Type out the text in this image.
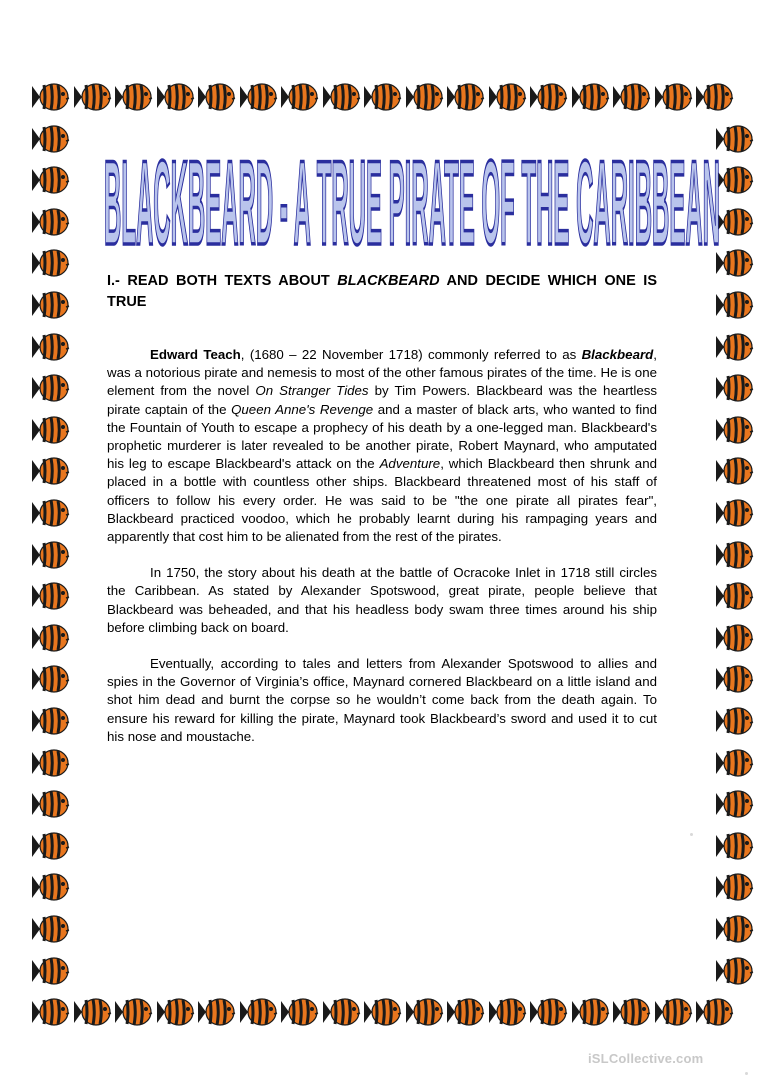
BLACKBEARD - A TRUE PIRATE OF THE CARIBBEAN
I.- READ BOTH TEXTS ABOUT BLACKBEARD AND DECIDE WHICH ONE IS TRUE

Edward Teach, (1680 – 22 November 1718) commonly referred to as Blackbeard, was a notorious pirate and nemesis to most of the other famous pirates of the time. He is one element from the novel On Stranger Tides by Tim Powers. Blackbeard was the heartless pirate captain of the Queen Anne's Revenge and a master of black arts, who wanted to find the Fountain of Youth to escape a prophecy of his death by a one-legged man. Blackbeard's prophetic murderer is later revealed to be another pirate, Robert Maynard, who amputated his leg to escape Blackbeard's attack on the Adventure, which Blackbeard then shrunk and placed in a bottle with countless other ships. Blackbeard threatened most of his staff of officers to follow his every order. He was said to be "the one pirate all pirates fear", Blackbeard practiced voodoo, which he probably learnt during his rampaging years and apparently that cost him to be alienated from the rest of the pirates.

In 1750, the story about his death at the battle of Ocracoke Inlet in 1718 still circles the Caribbean. As stated by Alexander Spotswood, great pirate, people believe that Blackbeard was beheaded, and that his headless body swam three times around his ship before climbing back on board.

Eventually, according to tales and letters from Alexander Spotswood to allies and spies in the Governor of Virginia’s office, Maynard cornered Blackbeard on a little island and shot him dead and burnt the corpse so he wouldn’t come back from the death again. To ensure his reward for killing the pirate, Maynard took Blackbeard’s sword and used it to cut his nose and moustache.

iSLCollective.com
